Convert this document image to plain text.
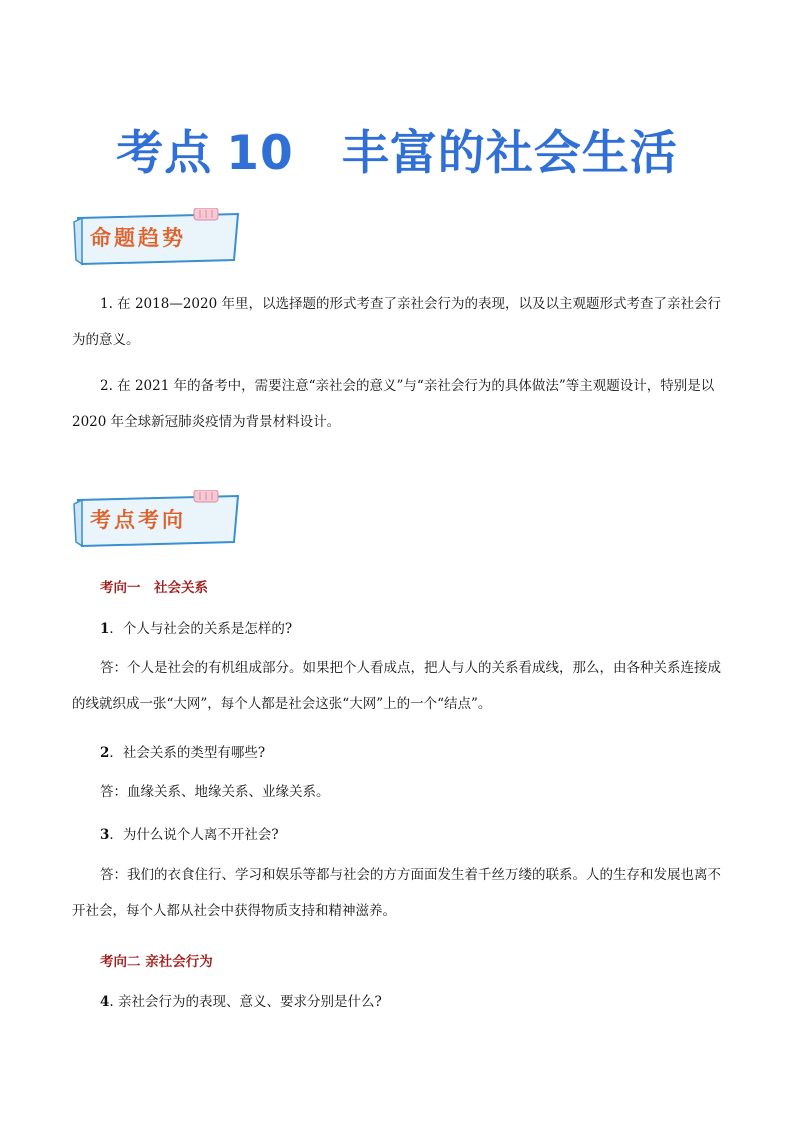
考点 10 丰富的社会生活
命题趋势
1. 在 2018—2020 年里，以选择题的形式考查了亲社会行为的表现，以及以主观题形式考查了亲社会行为的意义。
2. 在 2021 年的备考中，需要注意“亲社会的意义”与“亲社会行为的具体做法”等主观题设计，特别是以 2020 年全球新冠肺炎疫情为背景材料设计。
考点考向
考向一　社会关系
1．个人与社会的关系是怎样的?
答：个人是社会的有机组成部分。如果把个人看成点，把人与人的关系看成线，那么，由各种关系连接成的线就织成一张“大网”，每个人都是社会这张“大网”上的一个“结点”。
2．社会关系的类型有哪些?
答：血缘关系、地缘关系、业缘关系。
3．为什么说个人离不开社会?
答：我们的衣食住行、学习和娱乐等都与社会的方方面面发生着千丝万缕的联系。人的生存和发展也离不开社会，每个人都从社会中获得物质支持和精神滋养。
考向二 亲社会行为
4. 亲社会行为的表现、意义、要求分别是什么?
